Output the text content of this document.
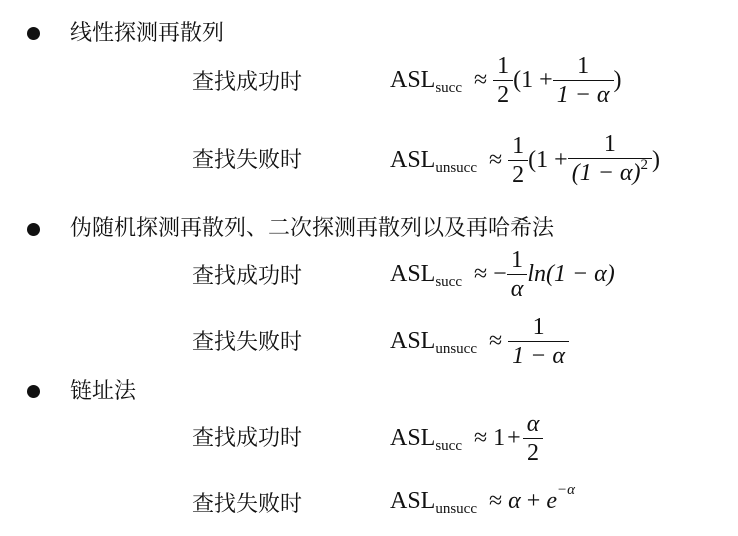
线性探测再散列
查找成功时	$ASL_{succ} \approx \frac{1}{2} (1 + \frac{1}{1 - \alpha}$ )
查找失败时	$ASL_{unsucc} \approx \frac{1}{2} (1 + \frac{1}{(1 - \alpha)^2}$ )
伪随机探测再散列、二次探测再散列以及再哈希法
查找成功时	$ASL_{succ}$ ≈ − $\frac{1}{\alpha} \ln(1 - \alpha)$
查找失败时	$ASL_{unsucc} \approx \frac{1}{1 - \alpha}$
链址法
查找成功时	$ASL_{succ} \approx 1 + \frac{\alpha}{2}$
查找失败时	$ASL_{unsucc} \approx \alpha + e -\alpha$
